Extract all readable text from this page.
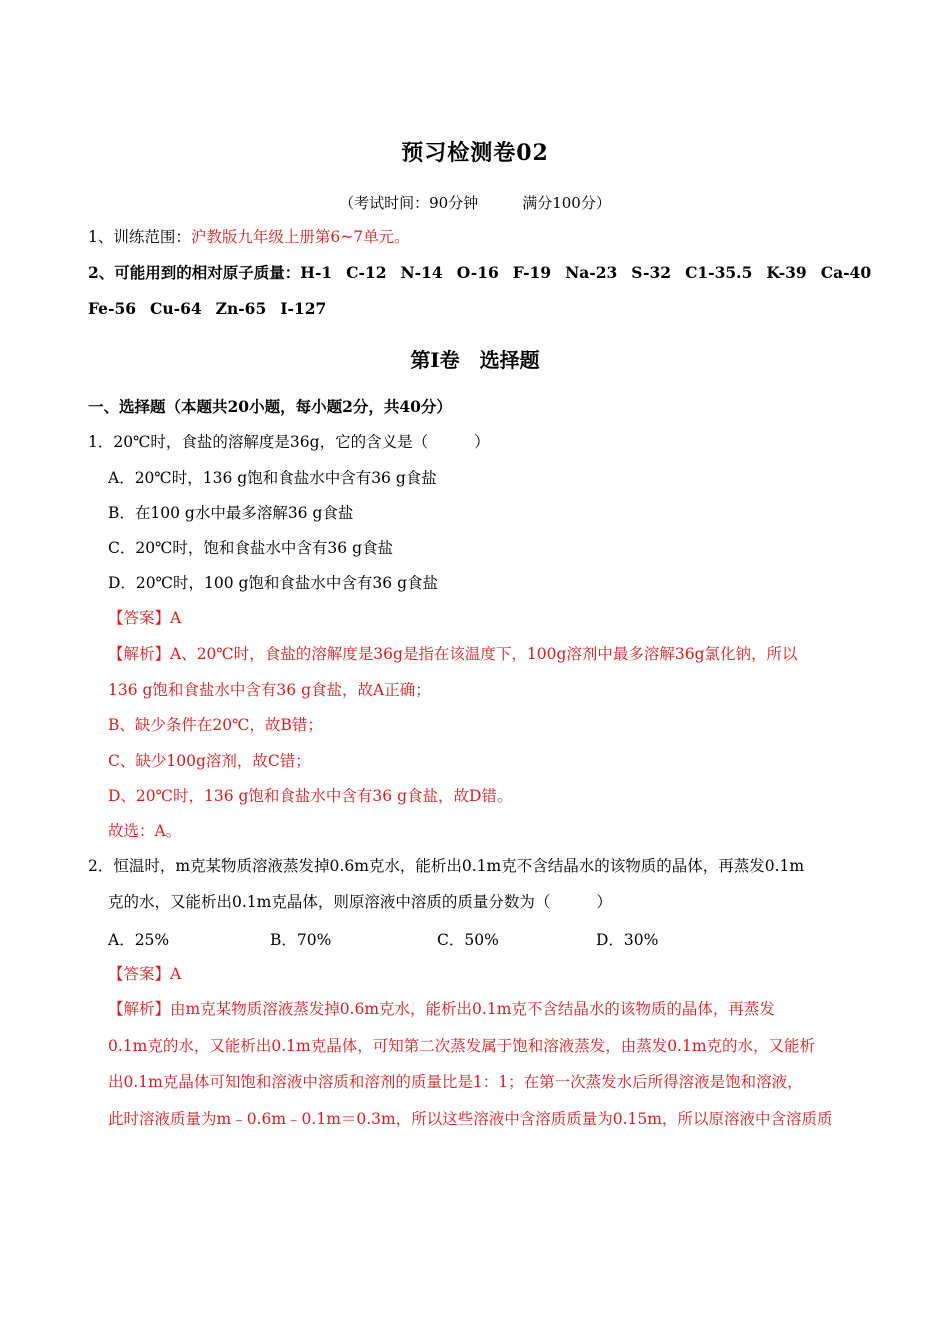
预习检测卷02
（考试时间：90分钟	满分100分）
1、训练范围：沪教版九年级上册第6~7单元。
2、可能用到的相对原子质量：H-1 C-12 N-14 O-16 F-19 Na-23 S-32 C1-35.5 K-39 Ca-40
Fe-56 Cu-64 Zn-65 I-127
第Ⅰ卷　选择题
一、选择题（本题共20小题，每小题2分，共40分）
1．20℃时，食盐的溶解度是36g，它的含义是（	）
A．20℃时，136 g饱和食盐水中含有36 g食盐
B．在100 g水中最多溶解36 g食盐
C．20℃时，饱和食盐水中含有36 g食盐
D．20℃时，100 g饱和食盐水中含有36 g食盐
【答案】A
【解析】A、20℃时，食盐的溶解度是36g是指在该温度下，100g溶剂中最多溶解36g氯化钠，所以
136 g饱和食盐水中含有36 g食盐，故A正确；
B、缺少条件在20℃，故B错；
C、缺少100g溶剂，故C错；
D、20℃时，136 g饱和食盐水中含有36 g食盐，故D错。
故选：A。
2．恒温时，m克某物质溶液蒸发掉0.6m克水，能析出0.1m克不含结晶水的该物质的晶体，再蒸发0.1m
克的水，又能析出0.1m克晶体，则原溶液中溶质的质量分数为（	）
A．25%	B．70%	C．50%	D．30%
【答案】A
【解析】由m克某物质溶液蒸发掉0.6m克水，能析出0.1m克不含结晶水的该物质的晶体，再蒸发
0.1m克的水，又能析出0.1m克晶体，可知第二次蒸发属于饱和溶液蒸发，由蒸发0.1m克的水，又能析
出0.1m克晶体可知饱和溶液中溶质和溶剂的质量比是1：1；在第一次蒸发水后所得溶液是饱和溶液，
此时溶液质量为m﹣0.6m﹣0.1m＝0.3m，所以这些溶液中含溶质质量为0.15m，所以原溶液中含溶质质
